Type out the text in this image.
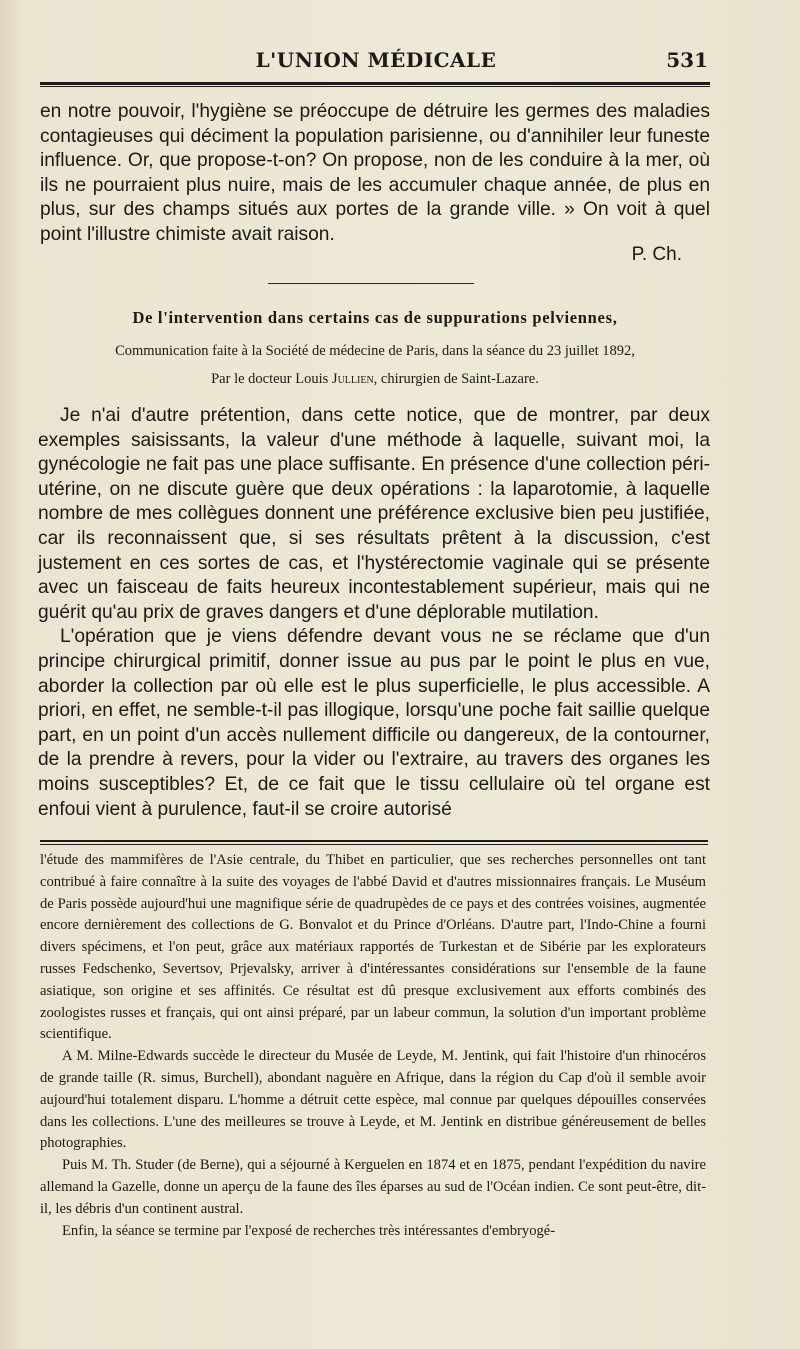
L'UNION MÉDICALE	531
en notre pouvoir, l'hygiène se préoccupe de détruire les germes des maladies contagieuses qui déciment la population parisienne, ou d'annihiler leur funeste influence. Or, que propose-t-on? On propose, non de les conduire à la mer, où ils ne pourraient plus nuire, mais de les accumuler chaque année, de plus en plus, sur des champs situés aux portes de la grande ville. » On voit à quel point l'illustre chimiste avait raison.
P. Ch.
De l'intervention dans certains cas de suppurations pelviennes,
Communication faite à la Société de médecine de Paris, dans la séance du 23 juillet 1892,
Par le docteur Louis Jullien, chirurgien de Saint-Lazare.

Je n'ai d'autre prétention, dans cette notice, que de montrer, par deux exemples saisissants, la valeur d'une méthode à laquelle, suivant moi, la gynécologie ne fait pas une place suffisante. En présence d'une collection péri-utérine, on ne discute guère que deux opérations : la laparotomie, à laquelle nombre de mes collègues donnent une préférence exclusive bien peu justifiée, car ils reconnaissent que, si ses résultats prêtent à la discussion, c'est justement en ces sortes de cas, et l'hystérectomie vaginale qui se présente avec un faisceau de faits heureux incontestablement supérieur, mais qui ne guérit qu'au prix de graves dangers et d'une déplorable mutilation.

L'opération que je viens défendre devant vous ne se réclame que d'un principe chirurgical primitif, donner issue au pus par le point le plus en vue, aborder la collection par où elle est le plus superficielle, le plus accessible. A priori, en effet, ne semble-t-il pas illogique, lorsqu'une poche fait saillie quelque part, en un point d'un accès nullement difficile ou dangereux, de la contourner, de la prendre à revers, pour la vider ou l'extraire, au travers des organes les moins susceptibles? Et, de ce fait que le tissu cellulaire où tel organe est enfoui vient à purulence, faut-il se croire autorisé

l'étude des mammifères de l'Asie centrale, du Thibet en particulier, que ses recherches personnelles ont tant contribué à faire connaître à la suite des voyages de l'abbé David et d'autres missionnaires français. Le Muséum de Paris possède aujourd'hui une magnifique série de quadrupèdes de ce pays et des contrées voisines, augmentée encore dernièrement des collections de G. Bonvalot et du Prince d'Orléans. D'autre part, l'Indo-Chine a fourni divers spécimens, et l'on peut, grâce aux matériaux rapportés de Turkestan et de Sibérie par les explorateurs russes Fedschenko, Severtsov, Prjevalsky, arriver à d'intéressantes considérations sur l'ensemble de la faune asiatique, son origine et ses affinités. Ce résultat est dû presque exclusivement aux efforts combinés des zoologistes russes et français, qui ont ainsi préparé, par un labeur commun, la solution d'un important problème scientifique.

A M. Milne-Edwards succède le directeur du Musée de Leyde, M. Jentink, qui fait l'histoire d'un rhinocéros de grande taille (R. simus, Burchell), abondant naguère en Afrique, dans la région du Cap d'où il semble avoir aujourd'hui totalement disparu. L'homme a détruit cette espèce, mal connue par quelques dépouilles conservées dans les collections. L'une des meilleures se trouve à Leyde, et M. Jentink en distribue généreusement de belles photographies.

Puis M. Th. Studer (de Berne), qui a séjourné à Kerguelen en 1874 et en 1875, pendant l'expédition du navire allemand la Gazelle, donne un aperçu de la faune des îles éparses au sud de l'Océan indien. Ce sont peut-être, dit-il, les débris d'un continent austral.

Enfin, la séance se termine par l'exposé de recherches très intéressantes d'embryogé-
